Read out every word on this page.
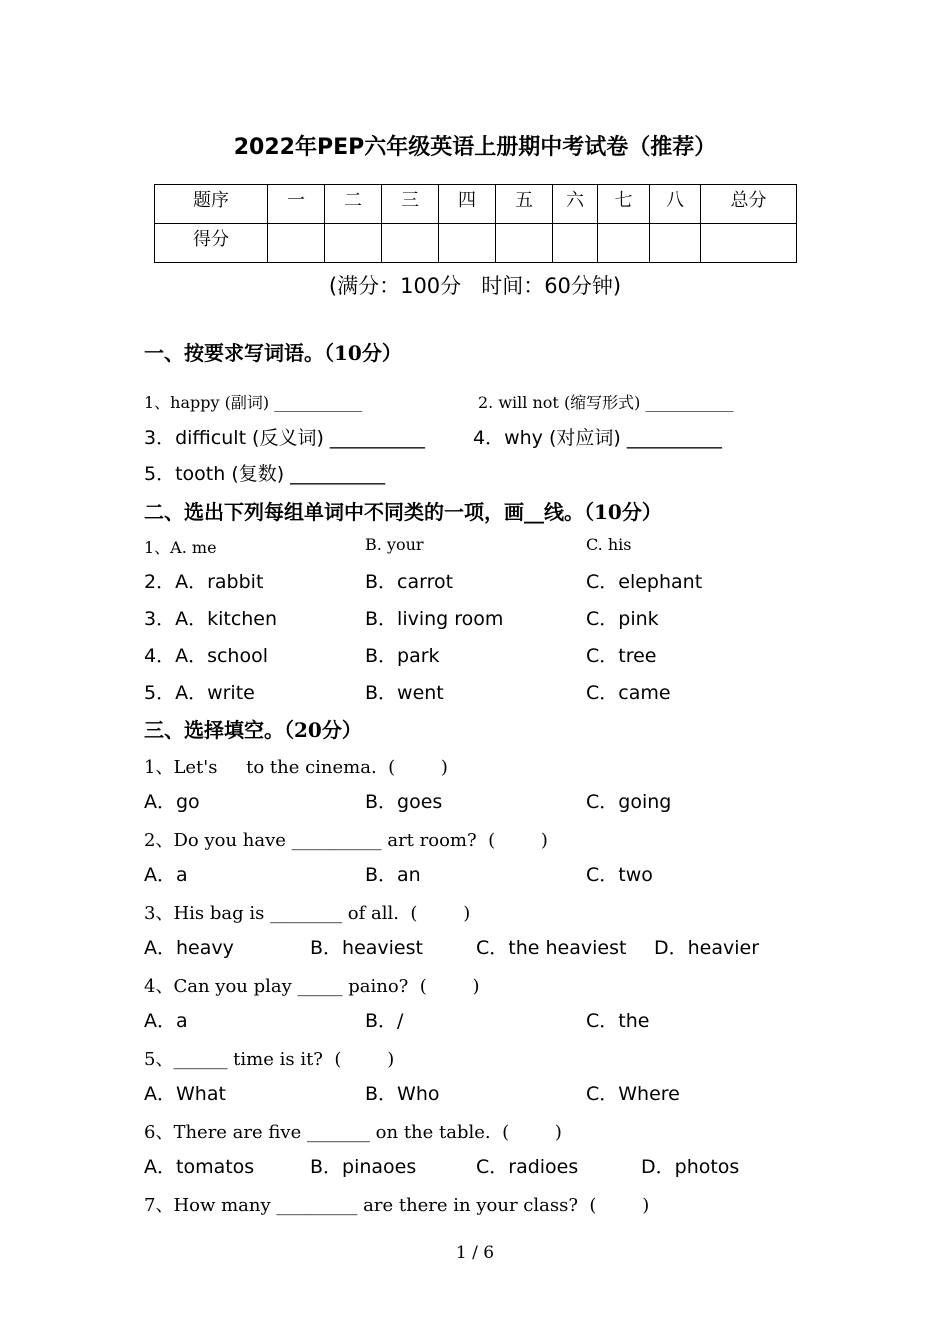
2022年PEP六年级英语上册期中考试卷（推荐）
题序	一	二	三	四	五	六	七	八	总分
得分									
(满分：100分   时间：60分钟)
一、按要求写词语。（10分）
1、happy (副词) ___________	2. will not (缩写形式) ___________
3．difficult (反义词) __________	4．why (对应词) __________
5．tooth (复数) __________
二、选出下列每组单词中不同类的一项，画__线。（10分）
1、A. me	B. your	C. his
2．A．rabbit	B．carrot	C．elephant
3．A．kitchen	B．living room	C．pink
4．A．school	B．park	C．tree
5．A．write	B．went	C．came
三、选择填空。（20分）
1、Let's     to the cinema.  (        )
A．go	B．goes	C．going
2、Do you have __________ art room?  (        )
A．a	B．an	C．two
3、His bag is ________ of all.  (        )
A．heavy	B．heaviest	C．the heaviest D．heavier
4、Can you play _____ paino?  (        )
A．a	B．/	C．the
5、______ time is it?  (        )
A．What	B．Who	C．Where
6、There are five _______ on the table.  (        )
A．tomatos	B．pinaoes	C．radioes	D．photos
7、How many _________ are there in your class?  (        )
1 / 6
